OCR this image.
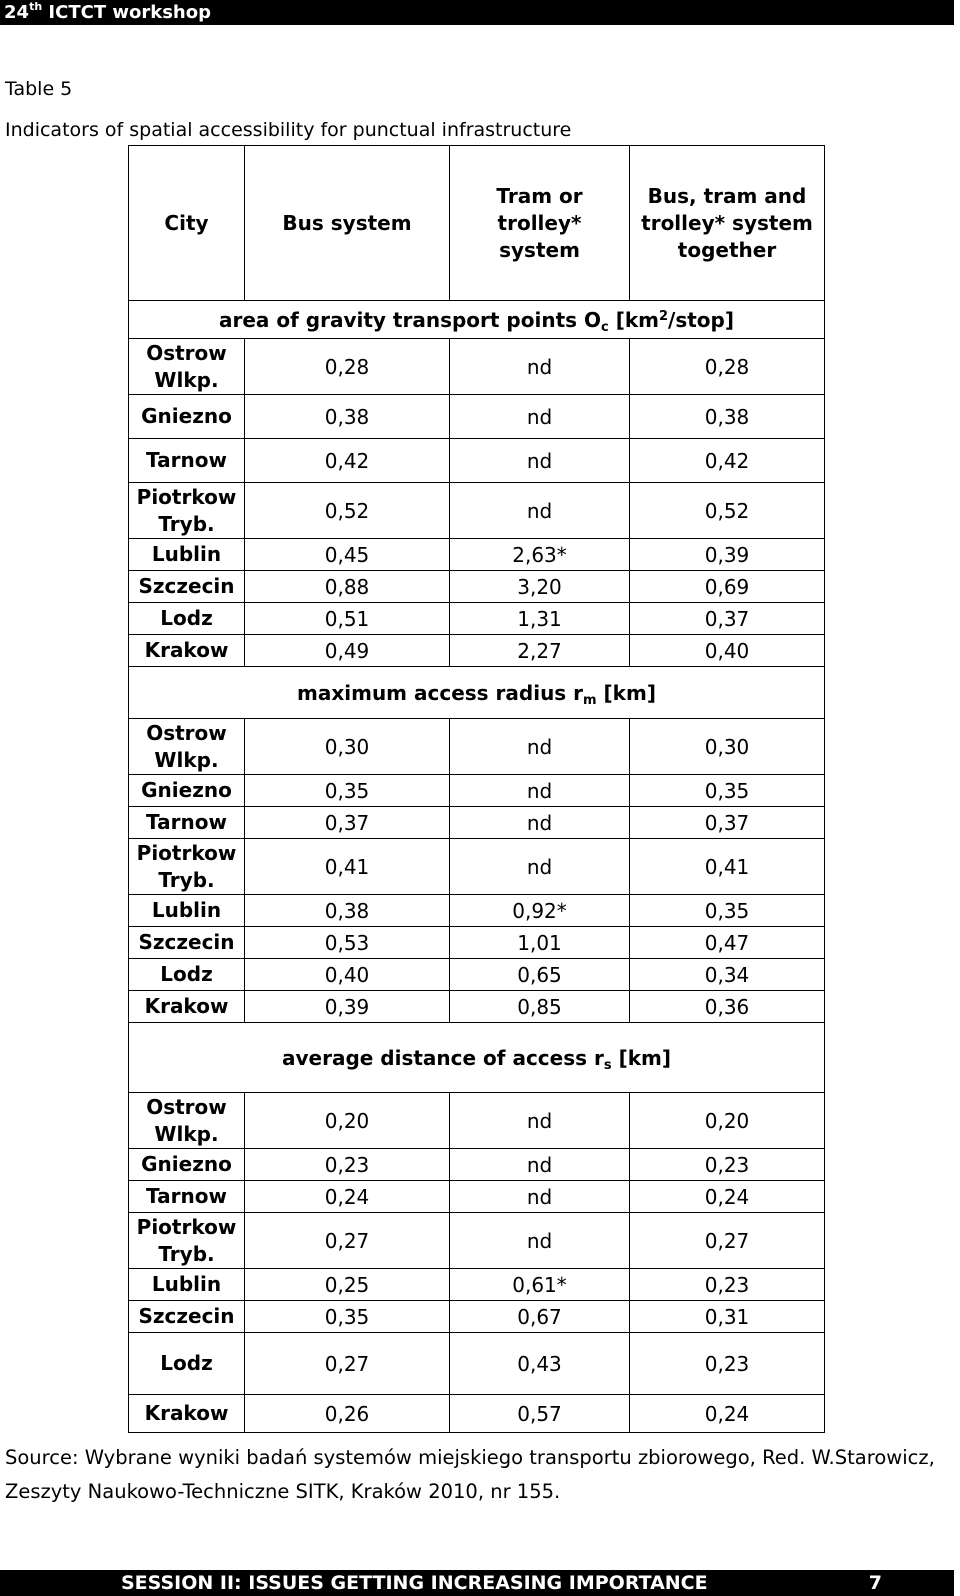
24th ICTCT workshop
Table 5
Indicators of spatial accessibility for punctual infrastructure
City	Bus system	Tram or trolley* system	Bus, tram and trolley* system together
area of gravity transport points $O_c$ $[km^2/stop]$			
Ostrow Wlkp.	0,28	nd	0,28
Gniezno	0,38	nd	0,38
Tarnow	0,42	nd	0,42
Piotrkow Tryb.	0,52	nd	0,52
Lublin	0,45	2,63*	0,39
Szczecin	0,88	3,20	0,69
Lodz	0,51	1,31	0,37
Krakow	0,49	2,27	0,40
maximum access radius $r_m$ [km]			
Ostrow Wlkp.	0,30	nd	0,30
Gniezno	0,35	nd	0,35
Tarnow	0,37	nd	0,37
Piotrkow Tryb.	0,41	nd	0,41
Lublin	0,38	0,92*	0,35
Szczecin	0,53	1,01	0,47
Lodz	0,40	0,65	0,34
Krakow	0,39	0,85	0,36
average distance of access $r_s$ [km]			
Ostrow Wlkp.	0,20	nd	0,20
Gniezno	0,23	nd	0,23
Tarnow	0,24	nd	0,24
Piotrkow Tryb.	0,27	nd	0,27
Lublin	0,25	0,61*	0,23
Szczecin	0,35	0,67	0,31
Lodz	0,27	0,43	0,23
Krakow	0,26	0,57	0,24
Source: Wybrane wyniki badań systemów miejskiego transportu zbiorowego, Red. W.Starowicz, Zeszyty Naukowo-Techniczne SITK, Kraków 2010, nr 155.
SESSION II: ISSUES GETTING INCREASING IMPORTANCE	7
